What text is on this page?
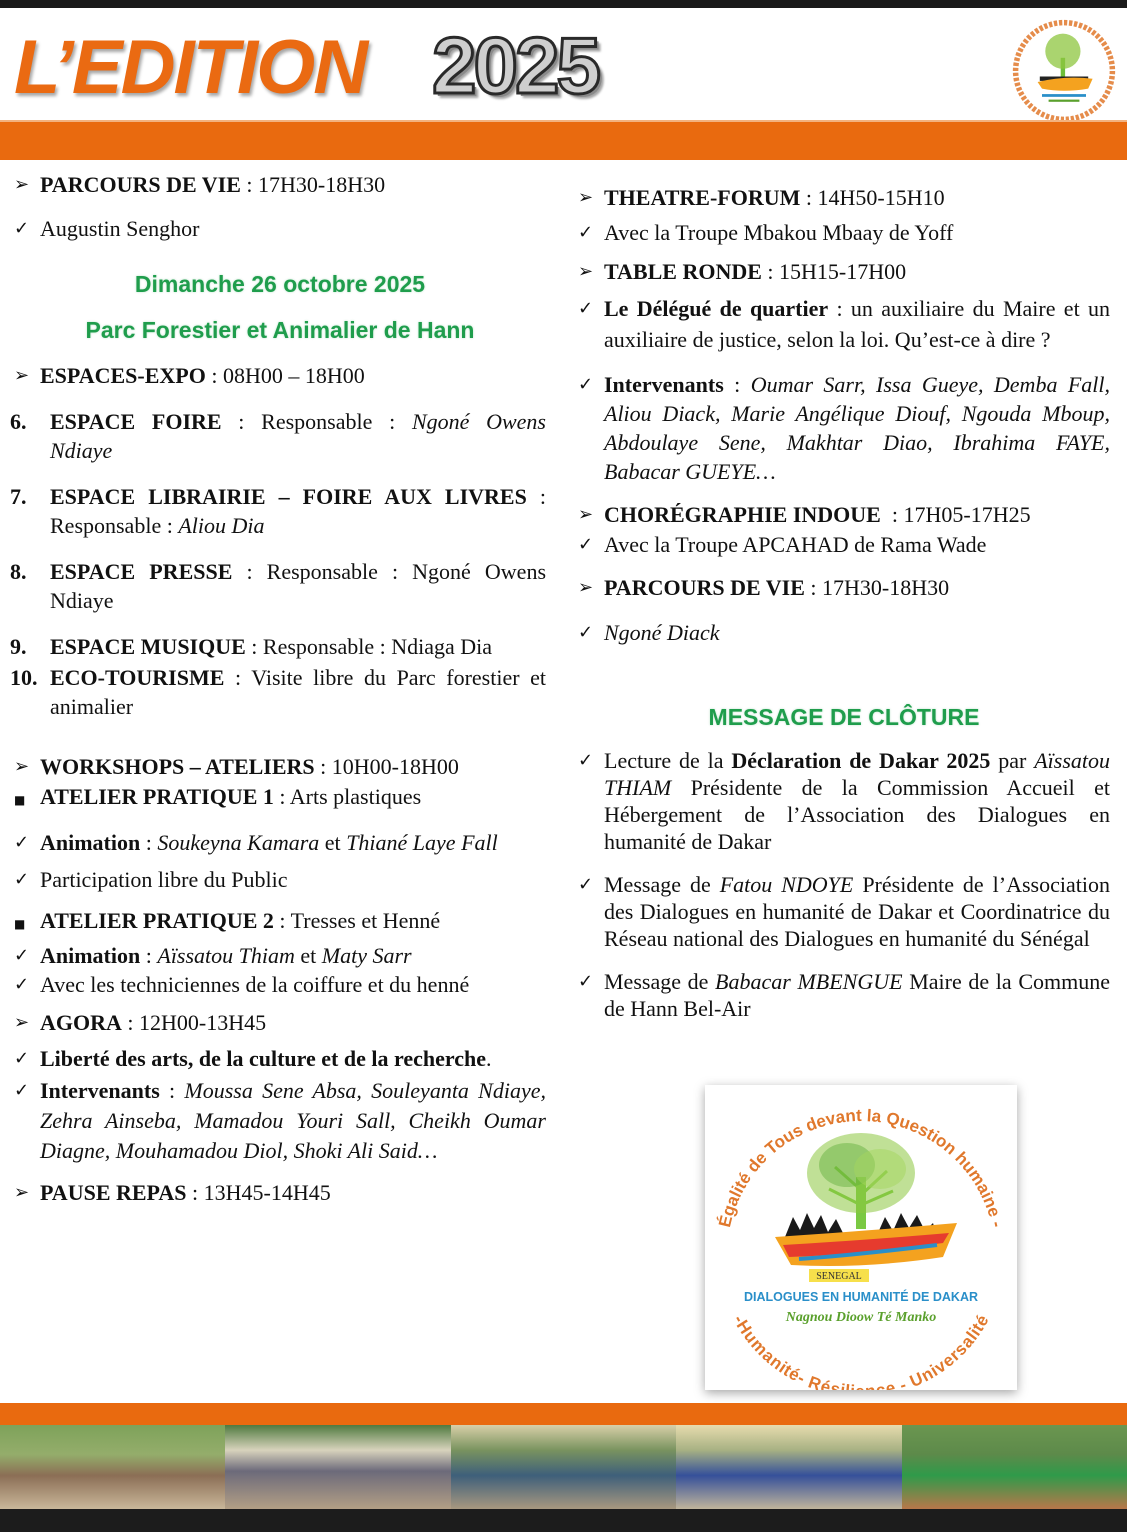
L’EDITION 2025
➢ PARCOURS DE VIE : 17H30-18H30
✓ Augustin Senghor
Dimanche 26 octobre 2025
Parc Forestier et Animalier de Hann
➢ ESPACES-EXPO : 08H00 – 18H00
6. ESPACE FOIRE : Responsable : Ngoné Owens Ndiaye
7. ESPACE LIBRAIRIE – FOIRE AUX LIVRES : Responsable : Aliou Dia
8. ESPACE PRESSE : Responsable : Ngoné Owens Ndiaye
9. ESPACE MUSIQUE : Responsable : Ndiaga Dia
10. ECO-TOURISME : Visite libre du Parc forestier et animalier
➢ WORKSHOPS – ATELIERS : 10H00-18H00
■ ATELIER PRATIQUE 1 : Arts plastiques
✓ Animation : Soukeyna Kamara et Thiané Laye Fall
✓ Participation libre du Public
■ ATELIER PRATIQUE 2 : Tresses et Henné
✓ Animation : Aïssatou Thiam et Maty Sarr
✓ Avec les techniciennes de la coiffure et du henné
➢ AGORA : 12H00-13H45
✓ Liberté des arts, de la culture et de la recherche.
✓ Intervenants : Moussa Sene Absa, Souleyanta Ndiaye, Zehra Ainseba, Mamadou Youri Sall, Cheikh Oumar Diagne, Mouhamadou Diol, Shoki Ali Said…
➢ PAUSE REPAS : 13H45-14H45
➢ THEATRE-FORUM : 14H50-15H10
✓ Avec la Troupe Mbakou Mbaay de Yoff
➢ TABLE RONDE : 15H15-17H00
✓ Le Délégué de quartier : un auxiliaire du Maire et un auxiliaire de justice, selon la loi. Qu’est-ce à dire ?
✓ Intervenants : Oumar Sarr, Issa Gueye, Demba Fall, Aliou Diack, Marie Angélique Diouf, Ngouda Mboup, Abdoulaye Sene, Makhtar Diao, Ibrahima FAYE, Babacar GUEYE…
➢ CHORÉGRAPHIE INDOUE  : 17H05-17H25
✓ Avec la Troupe APCAHAD de Rama Wade
➢ PARCOURS DE VIE : 17H30-18H30
✓ Ngoné Diack
MESSAGE DE CLÔTURE
✓ Lecture de la Déclaration de Dakar 2025 par Aïssatou THIAM Présidente de la Commission Accueil et Hébergement de l’Association des Dialogues en humanité de Dakar
✓ Message de Fatou NDOYE Présidente de l’Association des Dialogues en humanité de Dakar et Coordinatrice du Réseau national des Dialogues en humanité du Sénégal
✓ Message de Babacar MBENGUE Maire de la Commune de Hann Bel-Air
SENEGAL
DIALOGUES EN HUMANITÉ DE DAKAR
Nagnou Dioow Té Manko
Égalité de Tous devant la Question humaine -
-Humanité- Rés e - Universalité
